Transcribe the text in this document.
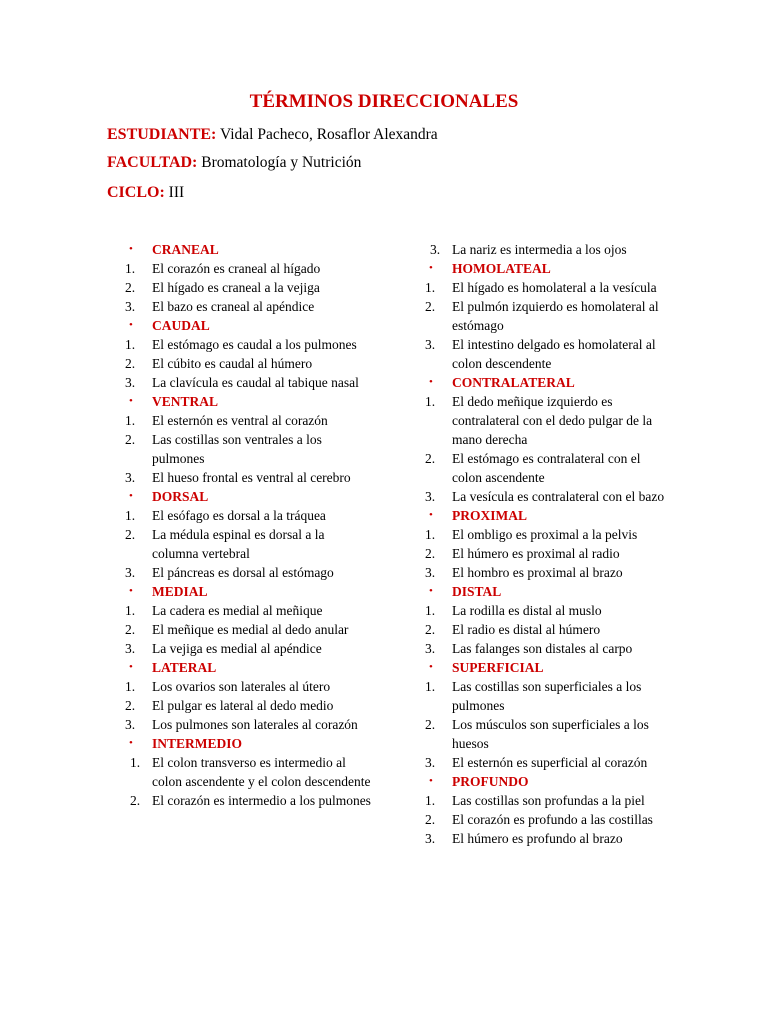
TÉRMINOS DIRECCIONALES
ESTUDIANTE: Vidal Pacheco, Rosaflor Alexandra
FACULTAD: Bromatología y Nutrición
CICLO: III
• CRANEAL
1. El corazón es craneal al hígado
2. El hígado es craneal a la vejiga
3. El bazo es craneal al apéndice
• CAUDAL
1. El estómago es caudal a los pulmones
2. El cúbito es caudal al húmero
3. La clavícula es caudal al tabique nasal
• VENTRAL
1. El esternón es ventral al corazón
2. Las costillas son ventrales a los pulmones
3. El hueso frontal es ventral al cerebro
• DORSAL
1. El esófago es dorsal a la tráquea
2. La médula espinal es dorsal a la columna vertebral
3. El páncreas es dorsal al estómago
• MEDIAL
1. La cadera es medial al meñique
2. El meñique es medial al dedo anular
3. La vejiga es medial al apéndice
• LATERAL
1. Los ovarios son laterales al útero
2. El pulgar es lateral al dedo medio
3. Los pulmones son laterales al corazón
• INTERMEDIO
1. El colon transverso es intermedio al colon ascendente y el colon descendente
2. El corazón es intermedio a los pulmones
3. La nariz es intermedia a los ojos
• HOMOLATEAL
1. El hígado es homolateral a la vesícula
2. El pulmón izquierdo es homolateral al estómago
3. El intestino delgado es homolateral al colon descendente
• CONTRALATERAL
1. El dedo meñique izquierdo es contralateral con el dedo pulgar de la mano derecha
2. El estómago es contralateral con el colon ascendente
3. La vesícula es contralateral con el bazo
• PROXIMAL
1. El ombligo es proximal a la pelvis
2. El húmero es proximal al radio
3. El hombro es proximal al brazo
• DISTAL
1. La rodilla es distal al muslo
2. El radio es distal al húmero
3. Las falanges son distales al carpo
• SUPERFICIAL
1. Las costillas son superficiales a los pulmones
2. Los músculos son superficiales a los huesos
3. El esternón es superficial al corazón
• PROFUNDO
1. Las costillas son profundas a la piel
2. El corazón es profundo a las costillas
3. El húmero es profundo al brazo
